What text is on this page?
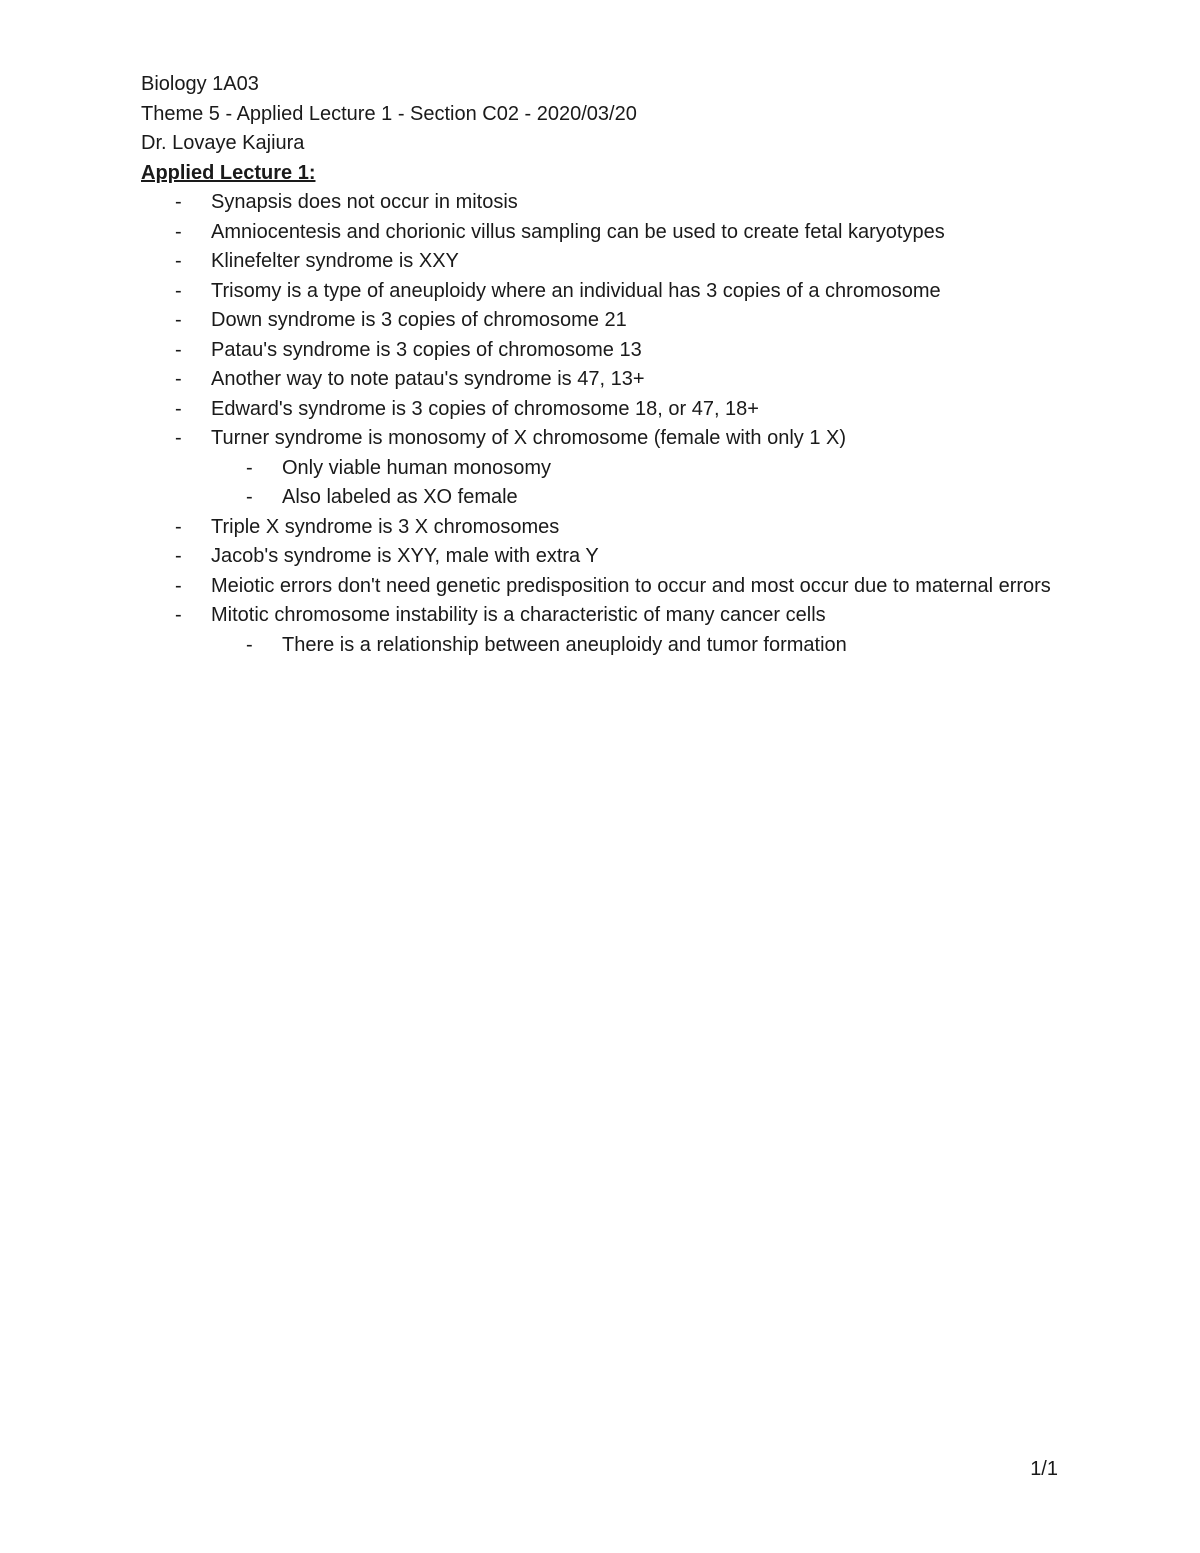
Biology 1A03
Theme 5 - Applied Lecture 1 - Section C02 - 2020/03/20
Dr. Lovaye Kajiura
Applied Lecture 1:
- Synapsis does not occur in mitosis
- Amniocentesis and chorionic villus sampling can be used to create fetal karyotypes
- Klinefelter syndrome is XXY
- Trisomy is a type of aneuploidy where an individual has 3 copies of a chromosome
- Down syndrome is 3 copies of chromosome 21
- Patau's syndrome is 3 copies of chromosome 13
- Another way to note patau's syndrome is 47, 13+
- Edward's syndrome is 3 copies of chromosome 18, or 47, 18+
- Turner syndrome is monosomy of X chromosome (female with only 1 X)
- Only viable human monosomy
- Also labeled as XO female
- Triple X syndrome is 3 X chromosomes
- Jacob's syndrome is XYY, male with extra Y
- Meiotic errors don't need genetic predisposition to occur and most occur due to maternal errors
- Mitotic chromosome instability is a characteristic of many cancer cells
- There is a relationship between aneuploidy and tumor formation
1/1
